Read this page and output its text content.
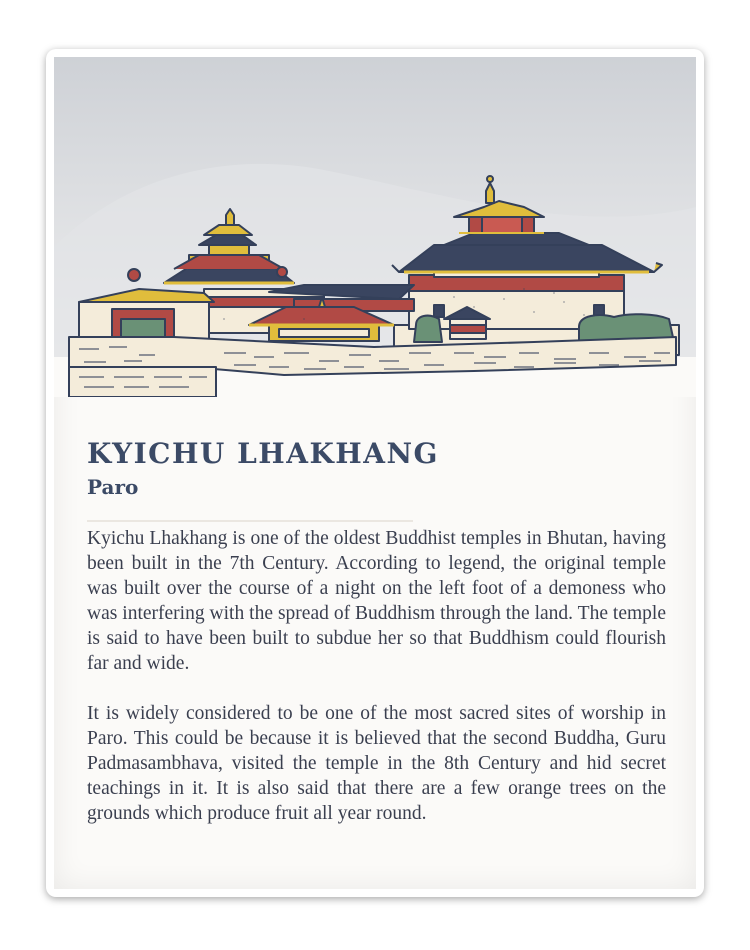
KYICHU LHAKHANG
Paro

Kyichu Lhakhang is one of the oldest Buddhist temples in Bhutan, having been built in the 7th Century. According to legend, the original temple was built over the course of a night on the left foot of a demoness who was interfering with the spread of Buddhism through the land. The temple is said to have been built to subdue her so that Buddhism could flourish far and wide.

It is widely considered to be one of the most sacred sites of worship in Paro. This could be because it is believed that the second Buddha, Guru Padmasambhava, visited the temple in the 8th Century and hid secret teachings in it. It is also said that there are a few orange trees on the grounds which produce fruit all year round.
